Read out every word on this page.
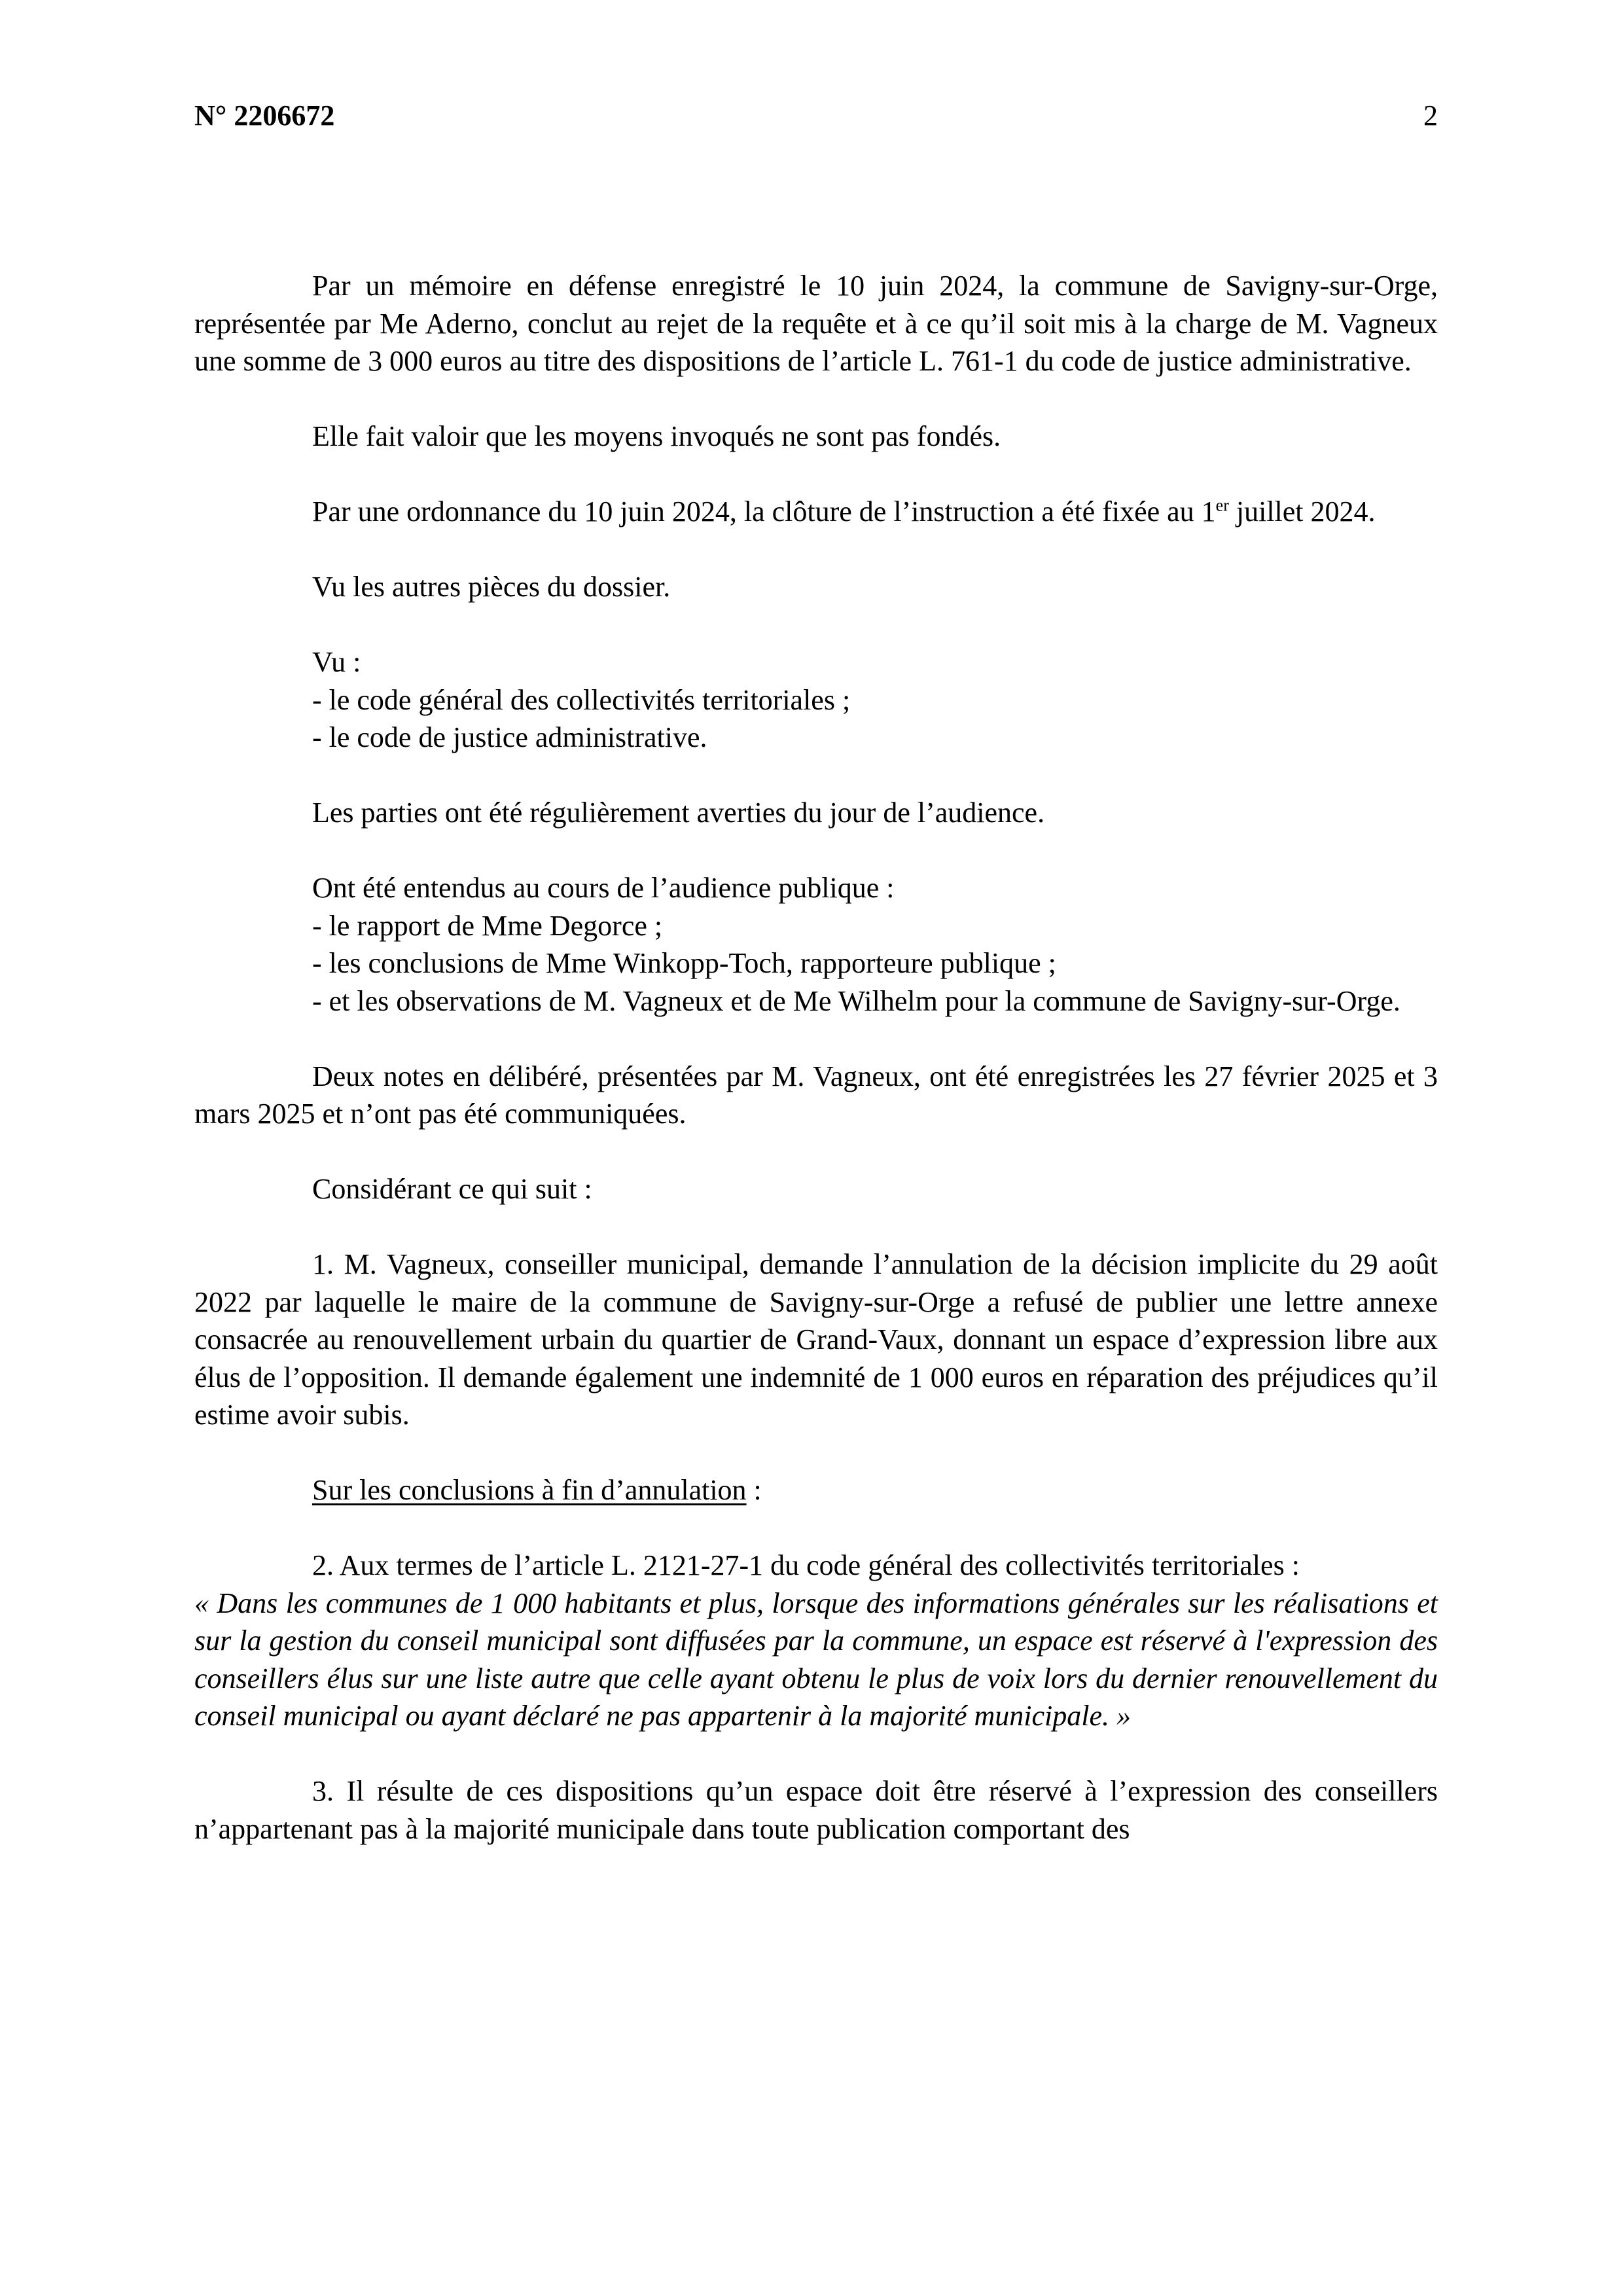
N° 2206672	2

Par un mémoire en défense enregistré le 10 juin 2024, la commune de Savigny-sur-Orge, représentée par Me Aderno, conclut au rejet de la requête et à ce qu’il soit mis à la charge de M. Vagneux une somme de 3 000 euros au titre des dispositions de l’article L. 761-1 du code de justice administrative.

Elle fait valoir que les moyens invoqués ne sont pas fondés.

Par une ordonnance du 10 juin 2024, la clôture de l’instruction a été fixée au 1er juillet 2024.

Vu les autres pièces du dossier.

Vu :
- le code général des collectivités territoriales ;
- le code de justice administrative.

Les parties ont été régulièrement averties du jour de l’audience.

Ont été entendus au cours de l’audience publique :
- le rapport de Mme Degorce ;
- les conclusions de Mme Winkopp-Toch, rapporteure publique ;
- et les observations de M. Vagneux et de Me Wilhelm pour la commune de Savigny-sur-Orge.

Deux notes en délibéré, présentées par M. Vagneux, ont été enregistrées les 27 février 2025 et 3 mars 2025 et n’ont pas été communiquées.

Considérant ce qui suit :

1. M. Vagneux, conseiller municipal, demande l’annulation de la décision implicite du 29 août 2022 par laquelle le maire de la commune de Savigny-sur-Orge a refusé de publier une lettre annexe consacrée au renouvellement urbain du quartier de Grand-Vaux, donnant un espace d’expression libre aux élus de l’opposition. Il demande également une indemnité de 1 000 euros en réparation des préjudices qu’il estime avoir subis.

Sur les conclusions à fin d’annulation :

2. Aux termes de l’article L. 2121-27-1 du code général des collectivités territoriales :

« Dans les communes de 1 000 habitants et plus, lorsque des informations générales sur les réalisations et sur la gestion du conseil municipal sont diffusées par la commune, un espace est réservé à l'expression des conseillers élus sur une liste autre que celle ayant obtenu le plus de voix lors du dernier renouvellement du conseil municipal ou ayant déclaré ne pas appartenir à la majorité municipale. »

3. Il résulte de ces dispositions qu’un espace doit être réservé à l’expression des conseillers n’appartenant pas à la majorité municipale dans toute publication comportant des
